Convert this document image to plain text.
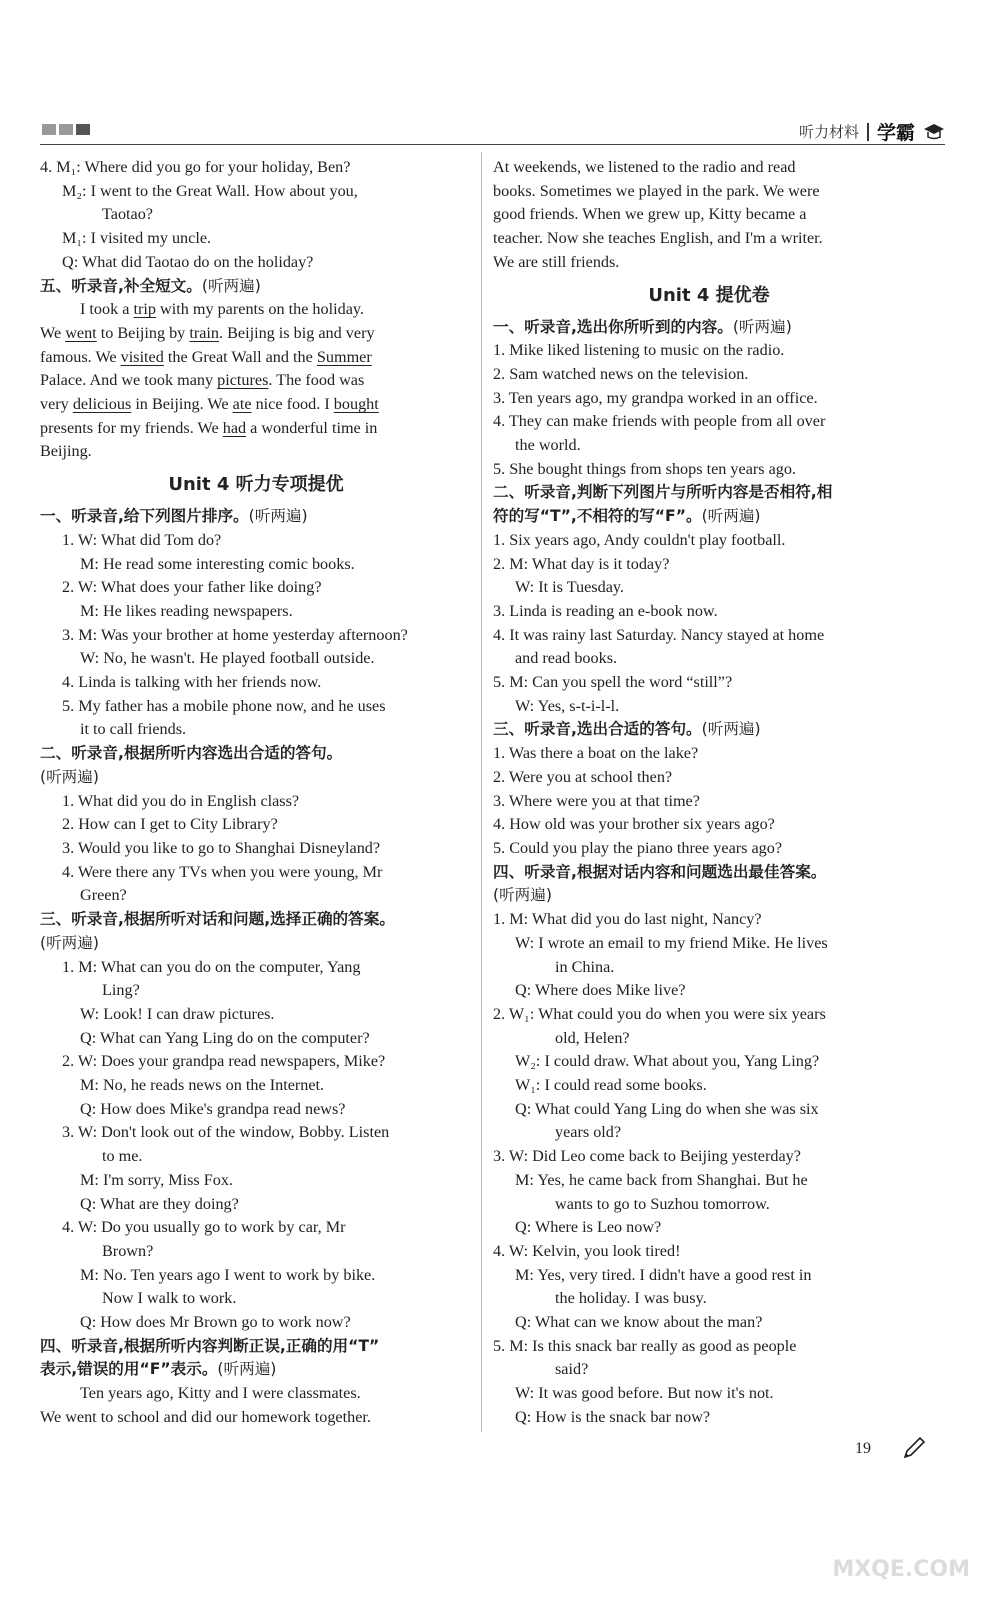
听力材料 学霸
4. M₁: Where did you go for your holiday, Ben?
M₂: I went to the Great Wall. How about you,
Taotao?
M₁: I visited my uncle.
Q: What did Taotao do on the holiday?
五、听录音,补全短文。(听两遍)
I took a trip with my parents on the holiday.
We went to Beijing by train. Beijing is big and very
famous. We visited the Great Wall and the Summer
Palace. And we took many pictures. The food was
very delicious in Beijing. We ate nice food. I bought
presents for my friends. We had a wonderful time in
Beijing.
Unit 4 听力专项提优
一、听录音,给下列图片排序。(听两遍)
1. W: What did Tom do?
M: He read some interesting comic books.
2. W: What does your father like doing?
M: He likes reading newspapers.
3. M: Was your brother at home yesterday afternoon?
W: No, he wasn't. He played football outside.
4. Linda is talking with her friends now.
5. My father has a mobile phone now, and he uses
it to call friends.
二、听录音,根据所听内容选出合适的答句。
(听两遍)
1. What did you do in English class?
2. How can I get to City Library?
3. Would you like to go to Shanghai Disneyland?
4. Were there any TVs when you were young, Mr
Green?
三、听录音,根据所听对话和问题,选择正确的答案。
(听两遍)
1. M: What can you do on the computer, Yang
Ling?
W: Look! I can draw pictures.
Q: What can Yang Ling do on the computer?
2. W: Does your grandpa read newspapers, Mike?
M: No, he reads news on the Internet.
Q: How does Mike's grandpa read news?
3. W: Don't look out of the window, Bobby. Listen
to me.
M: I'm sorry, Miss Fox.
Q: What are they doing?
4. W: Do you usually go to work by car, Mr
Brown?
M: No. Ten years ago I went to work by bike.
Now I walk to work.
Q: How does Mr Brown go to work now?
四、听录音,根据所听内容判断正误,正确的用“T”
表示,错误的用“F”表示。(听两遍)
Ten years ago, Kitty and I were classmates.
We went to school and did our homework together.
At weekends, we listened to the radio and read
books. Sometimes we played in the park. We were
good friends. When we grew up, Kitty became a
teacher. Now she teaches English, and I'm a writer.
We are still friends.
Unit 4 提优卷
一、听录音,选出你所听到的内容。(听两遍)
1. Mike liked listening to music on the radio.
2. Sam watched news on the television.
3. Ten years ago, my grandpa worked in an office.
4. They can make friends with people from all over
the world.
5. She bought things from shops ten years ago.
二、听录音,判断下列图片与所听内容是否相符,相
符的写“T”,不相符的写“F”。(听两遍)
1. Six years ago, Andy couldn't play football.
2. M: What day is it today?
W: It is Tuesday.
3. Linda is reading an e-book now.
4. It was rainy last Saturday. Nancy stayed at home
and read books.
5. M: Can you spell the word “still”?
W: Yes, s-t-i-l-l.
三、听录音,选出合适的答句。(听两遍)
1. Was there a boat on the lake?
2. Were you at school then?
3. Where were you at that time?
4. How old was your brother six years ago?
5. Could you play the piano three years ago?
四、听录音,根据对话内容和问题选出最佳答案。
(听两遍)
1. M: What did you do last night, Nancy?
W: I wrote an email to my friend Mike. He lives
in China.
Q: Where does Mike live?
2. W₁: What could you do when you were six years
old, Helen?
W₂: I could draw. What about you, Yang Ling?
W₁: I could read some books.
Q: What could Yang Ling do when she was six
years old?
3. W: Did Leo come back to Beijing yesterday?
M: Yes, he came back from Shanghai. But he
wants to go to Suzhou tomorrow.
Q: Where is Leo now?
4. W: Kelvin, you look tired!
M: Yes, very tired. I didn't have a good rest in
the holiday. I was busy.
Q: What can we know about the man?
5. M: Is this snack bar really as good as people
said?
W: It was good before. But now it's not.
Q: How is the snack bar now?
19
MXQE.COM
